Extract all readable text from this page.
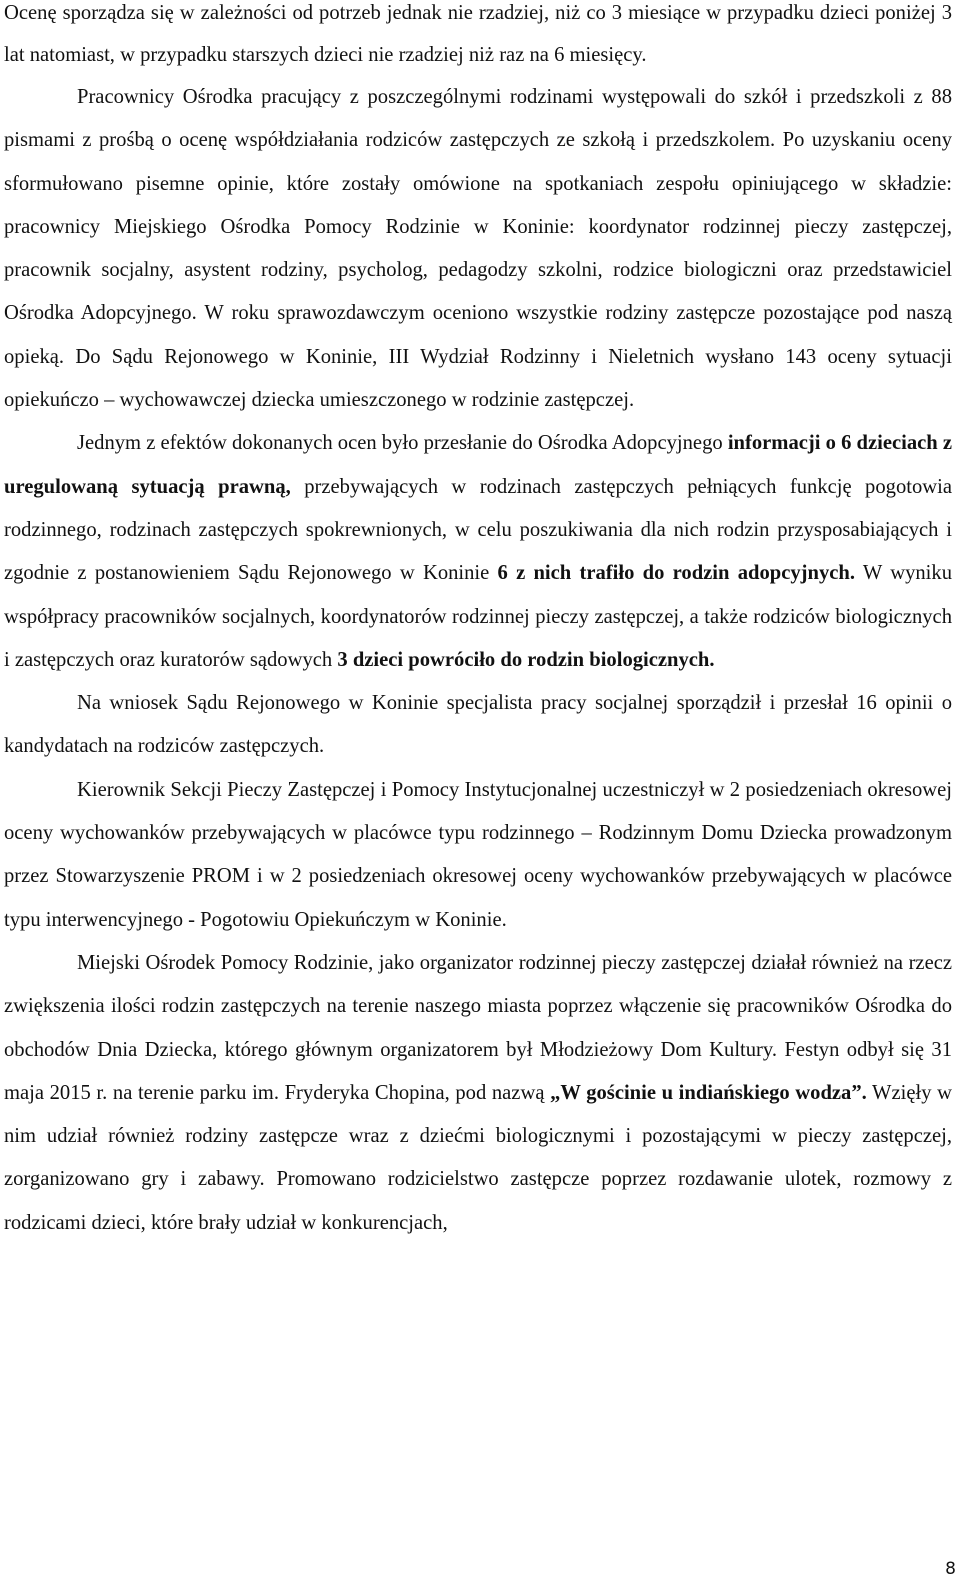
Ocenę sporządza się w zależności od potrzeb jednak nie rzadziej, niż co 3 miesiące w przypadku dzieci poniżej 3 lat natomiast, w przypadku starszych dzieci nie rzadziej niż raz na 6 miesięcy.

Pracownicy Ośrodka pracujący z poszczególnymi rodzinami występowali do szkół i przedszkoli z 88 pismami z prośbą o ocenę współdziałania rodziców zastępczych ze szkołą i przedszkolem. Po uzyskaniu oceny sformułowano pisemne opinie, które zostały omówione na spotkaniach zespołu opiniującego w składzie: pracownicy Miejskiego Ośrodka Pomocy Rodzinie w Koninie: koordynator rodzinnej pieczy zastępczej, pracownik socjalny, asystent rodziny, psycholog, pedagodzy szkolni, rodzice biologiczni oraz przedstawiciel Ośrodka Adopcyjnego. W roku sprawozdawczym oceniono wszystkie rodziny zastępcze pozostające pod naszą opieką. Do Sądu Rejonowego w Koninie, III Wydział Rodzinny i Nieletnich wysłano 143 oceny sytuacji opiekuńczo – wychowawczej dziecka umieszczonego w rodzinie zastępczej.

Jednym z efektów dokonanych ocen było przesłanie do Ośrodka Adopcyjnego informacji o 6 dzieciach z uregulowaną sytuacją prawną, przebywających w rodzinach zastępczych pełniących funkcję pogotowia rodzinnego, rodzinach zastępczych spokrewnionych, w celu poszukiwania dla nich rodzin przysposabiających i zgodnie z postanowieniem Sądu Rejonowego w Koninie 6 z nich trafiło do rodzin adopcyjnych. W wyniku współpracy pracowników socjalnych, koordynatorów rodzinnej pieczy zastępczej, a także rodziców biologicznych i zastępczych oraz kuratorów sądowych 3 dzieci powróciło do rodzin biologicznych.

Na wniosek Sądu Rejonowego w Koninie specjalista pracy socjalnej sporządził i przesłał 16 opinii o kandydatach na rodziców zastępczych.

Kierownik Sekcji Pieczy Zastępczej i Pomocy Instytucjonalnej uczestniczył w 2 posiedzeniach okresowej oceny wychowanków przebywających w placówce typu rodzinnego – Rodzinnym Domu Dziecka prowadzonym przez Stowarzyszenie PROM i w 2 posiedzeniach okresowej oceny wychowanków przebywających w placówce typu interwencyjnego - Pogotowiu Opiekuńczym w Koninie.

Miejski Ośrodek Pomocy Rodzinie, jako organizator rodzinnej pieczy zastępczej działał również na rzecz zwiększenia ilości rodzin zastępczych na terenie naszego miasta poprzez włączenie się pracowników Ośrodka do obchodów Dnia Dziecka, którego głównym organizatorem był Młodzieżowy Dom Kultury. Festyn odbył się 31 maja 2015 r. na terenie parku im. Fryderyka Chopina, pod nazwą „W gościnie u indiańskiego wodza”. Wzięły w nim udział również rodziny zastępcze wraz z dziećmi biologicznymi i pozostającymi w pieczy zastępczej, zorganizowano gry i zabawy. Promowano rodzicielstwo zastępcze poprzez rozdawanie ulotek, rozmowy z rodzicami dzieci, które brały udział w konkurencjach,

8
